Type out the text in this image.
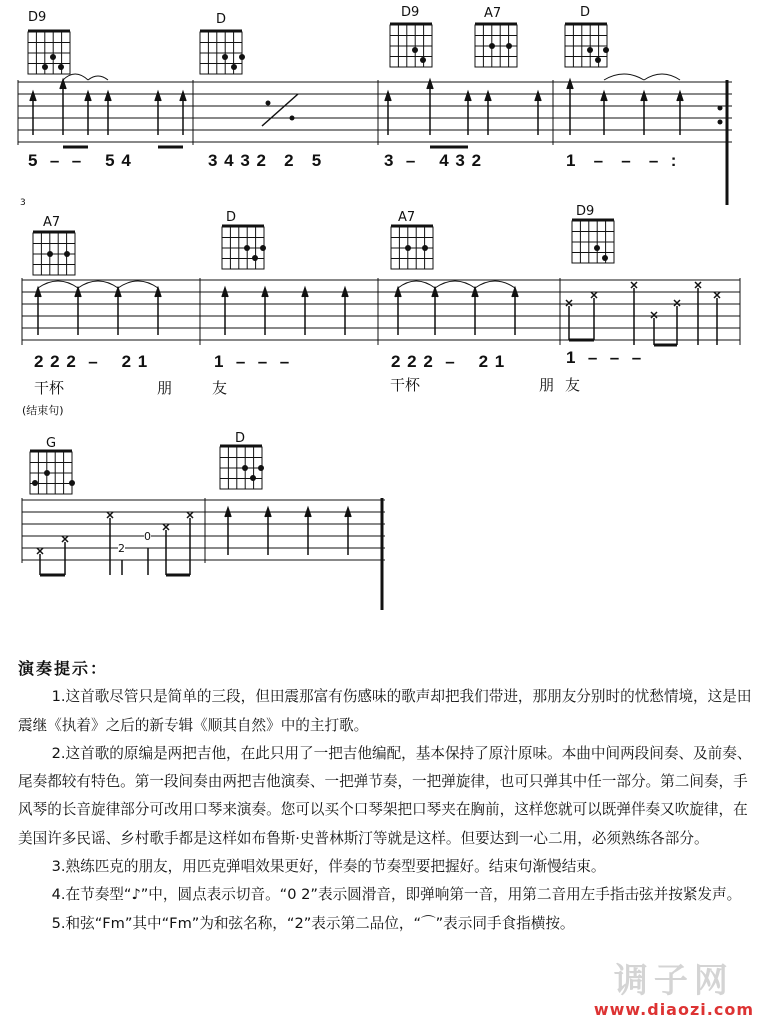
D9	D	D9	A7	D
A7	D	A7	D9
3
G	D
5  –  –    5 4	3 4 3 2   2   5	3  –    4 3 2	1   –   –   –  :
2 2 2  –    2 1	1  –  –  –	2 2 2  –    2 1	1  –  –  –
干杯	朋	友	干杯	朋 友
(结束句)
2
0
演奏提示：

1.这首歌尽管只是简单的三段，但田震那富有伤感味的歌声却把我们带进，那朋友分别时的忧愁情境，这是田震继《执着》之后的新专辑《顺其自然》中的主打歌。

2.这首歌的原编是两把吉他，在此只用了一把吉他编配，基本保持了原汁原味。本曲中间两段间奏、及前奏、尾奏都较有特色。第一段间奏由两把吉他演奏、一把弹节奏，一把弹旋律，也可只弹其中任一部分。第二间奏，手风琴的长音旋律部分可改用口琴来演奏。您可以买个口琴架把口琴夹在胸前，这样您就可以既弹伴奏又吹旋律，在美国许多民谣、乡村歌手都是这样如布鲁斯·史普林斯汀等就是这样。但要达到一心二用，必须熟练各部分。

3.熟练匹克的朋友，用匹克弹唱效果更好，伴奏的节奏型要把握好。结束句渐慢结束。

4.在节奏型“♪”中，圆点表示切音。“0 2”表示圆滑音，即弹响第一音，用第二音用左手指击弦并按紧发声。

5.和弦“Fm”其中“Fm”为和弦名称，“2”表示第二品位，“⌒”表示同手食指横按。

调子网
www.diaozi.com
